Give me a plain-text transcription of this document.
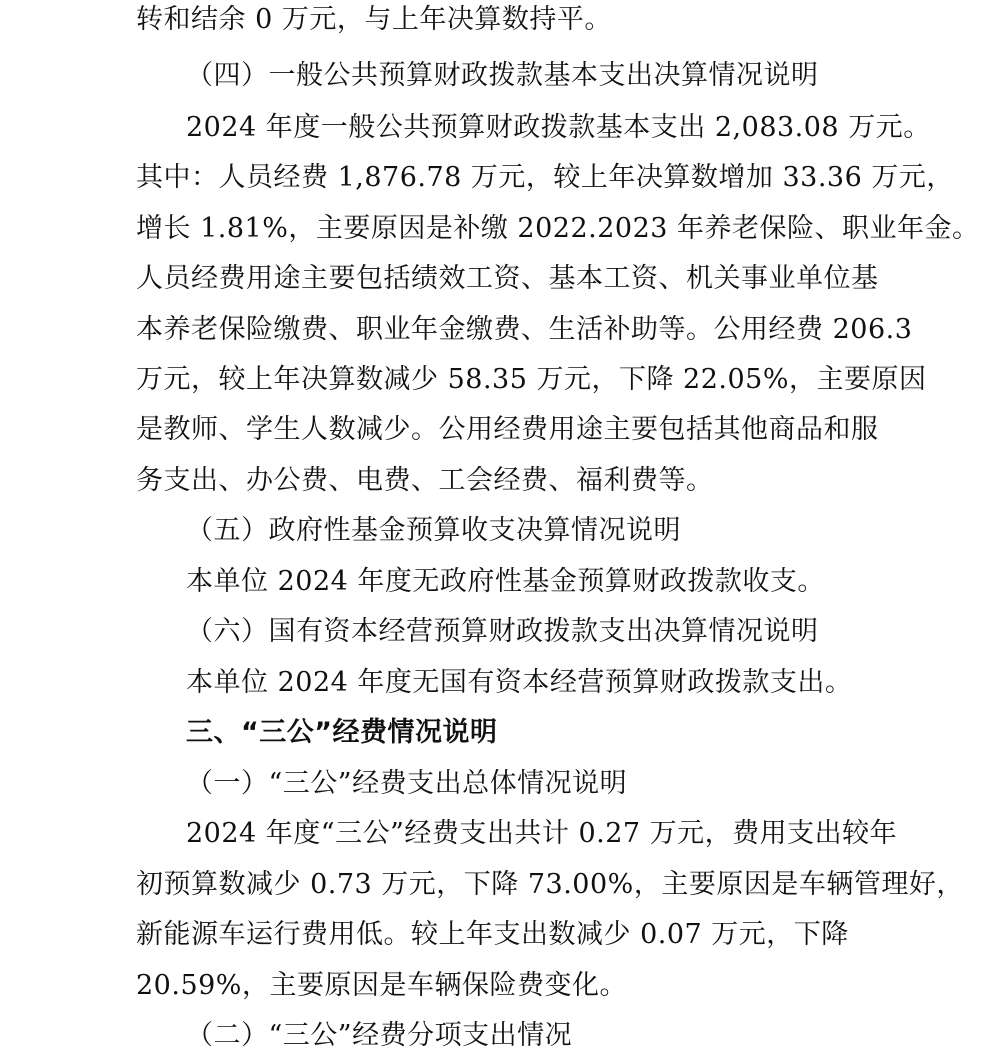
转和结余 0 万元，与上年决算数持平。
（四）一般公共预算财政拨款基本支出决算情况说明
2024 年度一般公共预算财政拨款基本支出 2,083.08 万元。
其中：人员经费 1,876.78 万元，较上年决算数增加 33.36 万元，
增长 1.81%，主要原因是补缴 2022.2023 年养老保险、职业年金。
人员经费用途主要包括绩效工资、基本工资、机关事业单位基
本养老保险缴费、职业年金缴费、生活补助等。公用经费 206.3
万元，较上年决算数减少 58.35 万元，下降 22.05%，主要原因
是教师、学生人数减少。公用经费用途主要包括其他商品和服
务支出、办公费、电费、工会经费、福利费等。
（五）政府性基金预算收支决算情况说明
本单位 2024 年度无政府性基金预算财政拨款收支。
（六）国有资本经营预算财政拨款支出决算情况说明
本单位 2024 年度无国有资本经营预算财政拨款支出。
三、“三公”经费情况说明
（一）“三公”经费支出总体情况说明
2024 年度“三公”经费支出共计 0.27 万元，费用支出较年
初预算数减少 0.73 万元，下降 73.00%，主要原因是车辆管理好，
新能源车运行费用低。较上年支出数减少 0.07 万元，下降
20.59%，主要原因是车辆保险费变化。
（二）“三公”经费分项支出情况
